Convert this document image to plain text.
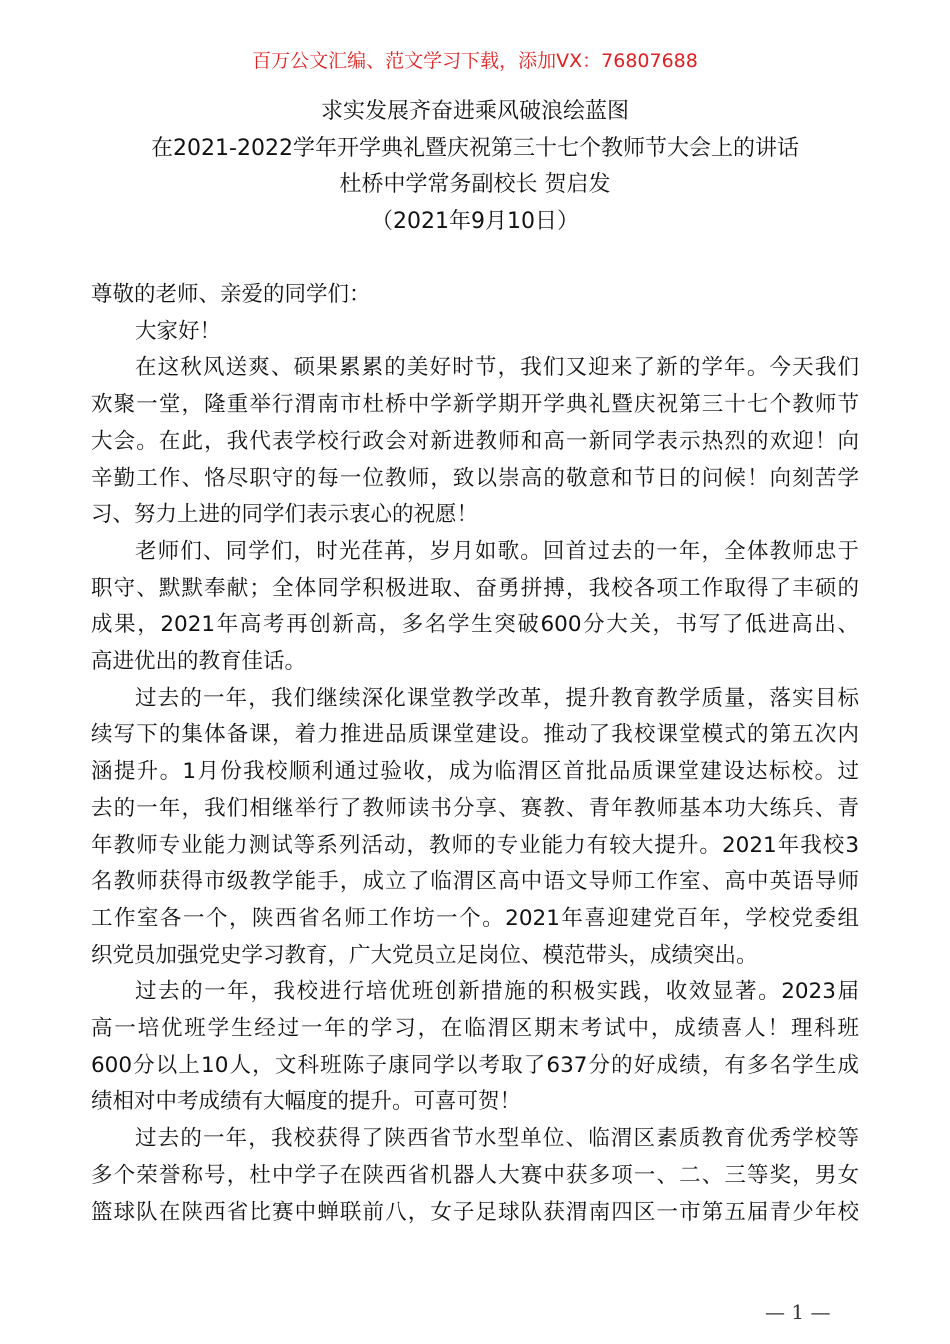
百万公文汇编、范文学习下载，添加VX：76807688
求实发展齐奋进乘风破浪绘蓝图
在2021-2022学年开学典礼暨庆祝第三十七个教师节大会上的讲话
杜桥中学常务副校长 贺启发
（2021年9月10日）
尊敬的老师、亲爱的同学们：
大家好！
在这秋风送爽、硕果累累的美好时节，我们又迎来了新的学年。今天我们
欢聚一堂，隆重举行渭南市杜桥中学新学期开学典礼暨庆祝第三十七个教师节
大会。在此，我代表学校行政会对新进教师和高一新同学表示热烈的欢迎！向
辛勤工作、恪尽职守的每一位教师，致以崇高的敬意和节日的问候！向刻苦学
习、努力上进的同学们表示衷心的祝愿！
老师们、同学们，时光荏苒，岁月如歌。回首过去的一年，全体教师忠于
职守、默默奉献；全体同学积极进取、奋勇拼搏，我校各项工作取得了丰硕的
成果，2021年高考再创新高，多名学生突破600分大关，书写了低进高出、
高进优出的教育佳话。
过去的一年，我们继续深化课堂教学改革，提升教育教学质量，落实目标
续写下的集体备课，着力推进品质课堂建设。推动了我校课堂模式的第五次内
涵提升。1月份我校顺利通过验收，成为临渭区首批品质课堂建设达标校。过
去的一年，我们相继举行了教师读书分享、赛教、青年教师基本功大练兵、青
年教师专业能力测试等系列活动，教师的专业能力有较大提升。2021年我校3
名教师获得市级教学能手，成立了临渭区高中语文导师工作室、高中英语导师
工作室各一个，陕西省名师工作坊一个。2021年喜迎建党百年，学校党委组
织党员加强党史学习教育，广大党员立足岗位、模范带头，成绩突出。
过去的一年，我校进行培优班创新措施的积极实践，收效显著。2023届
高一培优班学生经过一年的学习，在临渭区期末考试中，成绩喜人！理科班
600分以上10人，文科班陈子康同学以考取了637分的好成绩，有多名学生成
绩相对中考成绩有大幅度的提升。可喜可贺！
过去的一年，我校获得了陕西省节水型单位、临渭区素质教育优秀学校等
多个荣誉称号，杜中学子在陕西省机器人大赛中获多项一、二、三等奖，男女
篮球队在陕西省比赛中蝉联前八，女子足球队获渭南四区一市第五届青少年校
— 1 —
